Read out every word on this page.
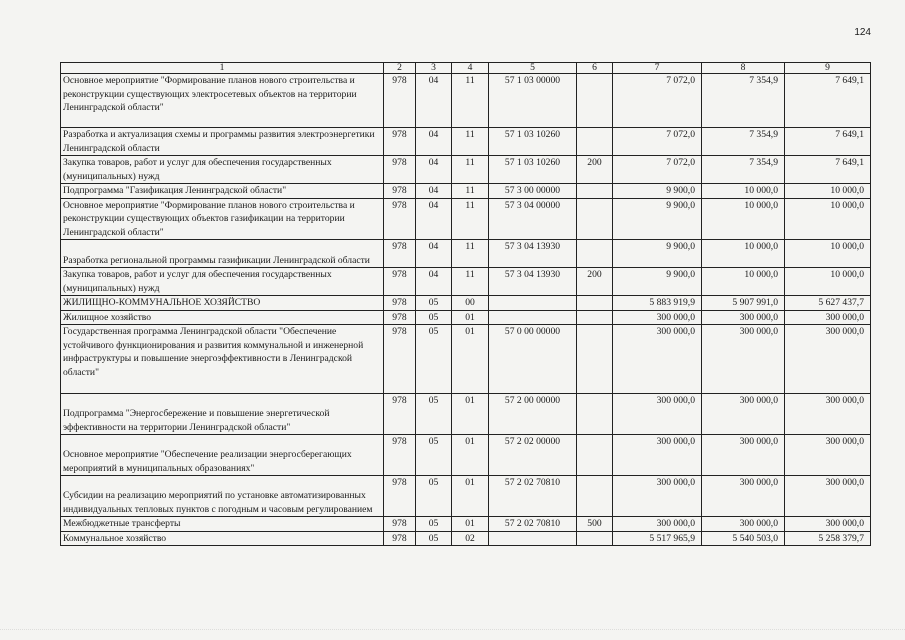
124
1	2	3	4	5	6	7	8	9
Основное мероприятие "Формирование планов нового строительства и реконструкции существующих электросетевых объектов на территории Ленинградской области"	978	04	11	57 1 03 00000		7 072,0	7 354,9	7 649,1
Разработка и актуализация схемы и программы развития электроэнергетики Ленинградской области	978	04	11	57 1 03 10260		7 072,0	7 354,9	7 649,1
Закупка товаров, работ и услуг для обеспечения государственных (муниципальных) нужд	978	04	11	57 1 03 10260	200	7 072,0	7 354,9	7 649,1
Подпрограмма "Газификация Ленинградской области"	978	04	11	57 3 00 00000		9 900,0	10 000,0	10 000,0
Основное мероприятие "Формирование планов нового строительства и реконструкции существующих объектов газификации на территории Ленинградской области"	978	04	11	57 3 04 00000		9 900,0	10 000,0	10 000,0
Разработка региональной программы газификации Ленинградской области	978	04	11	57 3 04 13930		9 900,0	10 000,0	10 000,0
Закупка товаров, работ и услуг для обеспечения государственных (муниципальных) нужд	978	04	11	57 3 04 13930	200	9 900,0	10 000,0	10 000,0
ЖИЛИЩНО-КОММУНАЛЬНОЕ ХОЗЯЙСТВО	978	05	00			5 883 919,9	5 907 991,0	5 627 437,7
Жилищное хозяйство	978	05	01			300 000,0	300 000,0	300 000,0
Государственная программа Ленинградской области "Обеспечение устойчивого функционирования и развития коммунальной и инженерной инфраструктуры и повышение энергоэффективности в Ленинградской области"	978	05	01	57 0 00 00000		300 000,0	300 000,0	300 000,0
Подпрограмма "Энергосбережение и повышение энергетической эффективности на территории Ленинградской области"	978	05	01	57 2 00 00000		300 000,0	300 000,0	300 000,0
Основное мероприятие "Обеспечение реализации энергосберегающих мероприятий в муниципальных образованиях"	978	05	01	57 2 02 00000		300 000,0	300 000,0	300 000,0
Субсидии на реализацию мероприятий по установке автоматизированных индивидуальных тепловых пунктов с погодным и часовым регулированием	978	05	01	57 2 02 70810		300 000,0	300 000,0	300 000,0
Межбюджетные трансферты	978	05	01	57 2 02 70810	500	300 000,0	300 000,0	300 000,0
Коммунальное хозяйство	978	05	02			5 517 965,9	5 540 503,0	5 258 379,7
